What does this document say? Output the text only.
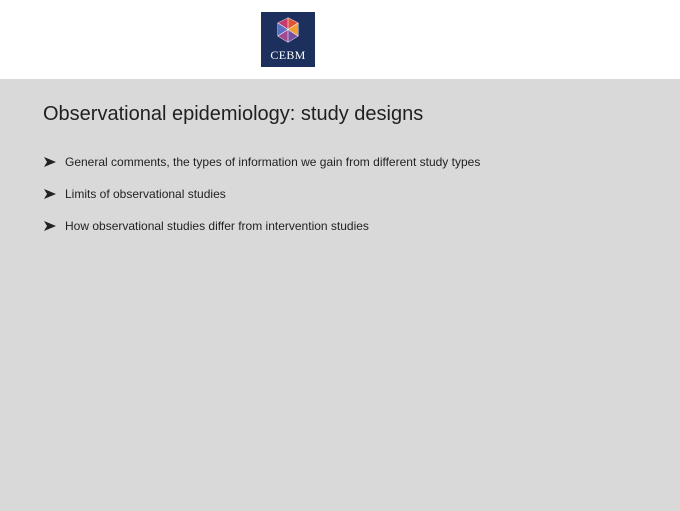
CEBM
Observational epidemiology: study designs
General comments, the types of information we gain from different study types
Limits of observational studies
How observational studies differ from intervention studies
